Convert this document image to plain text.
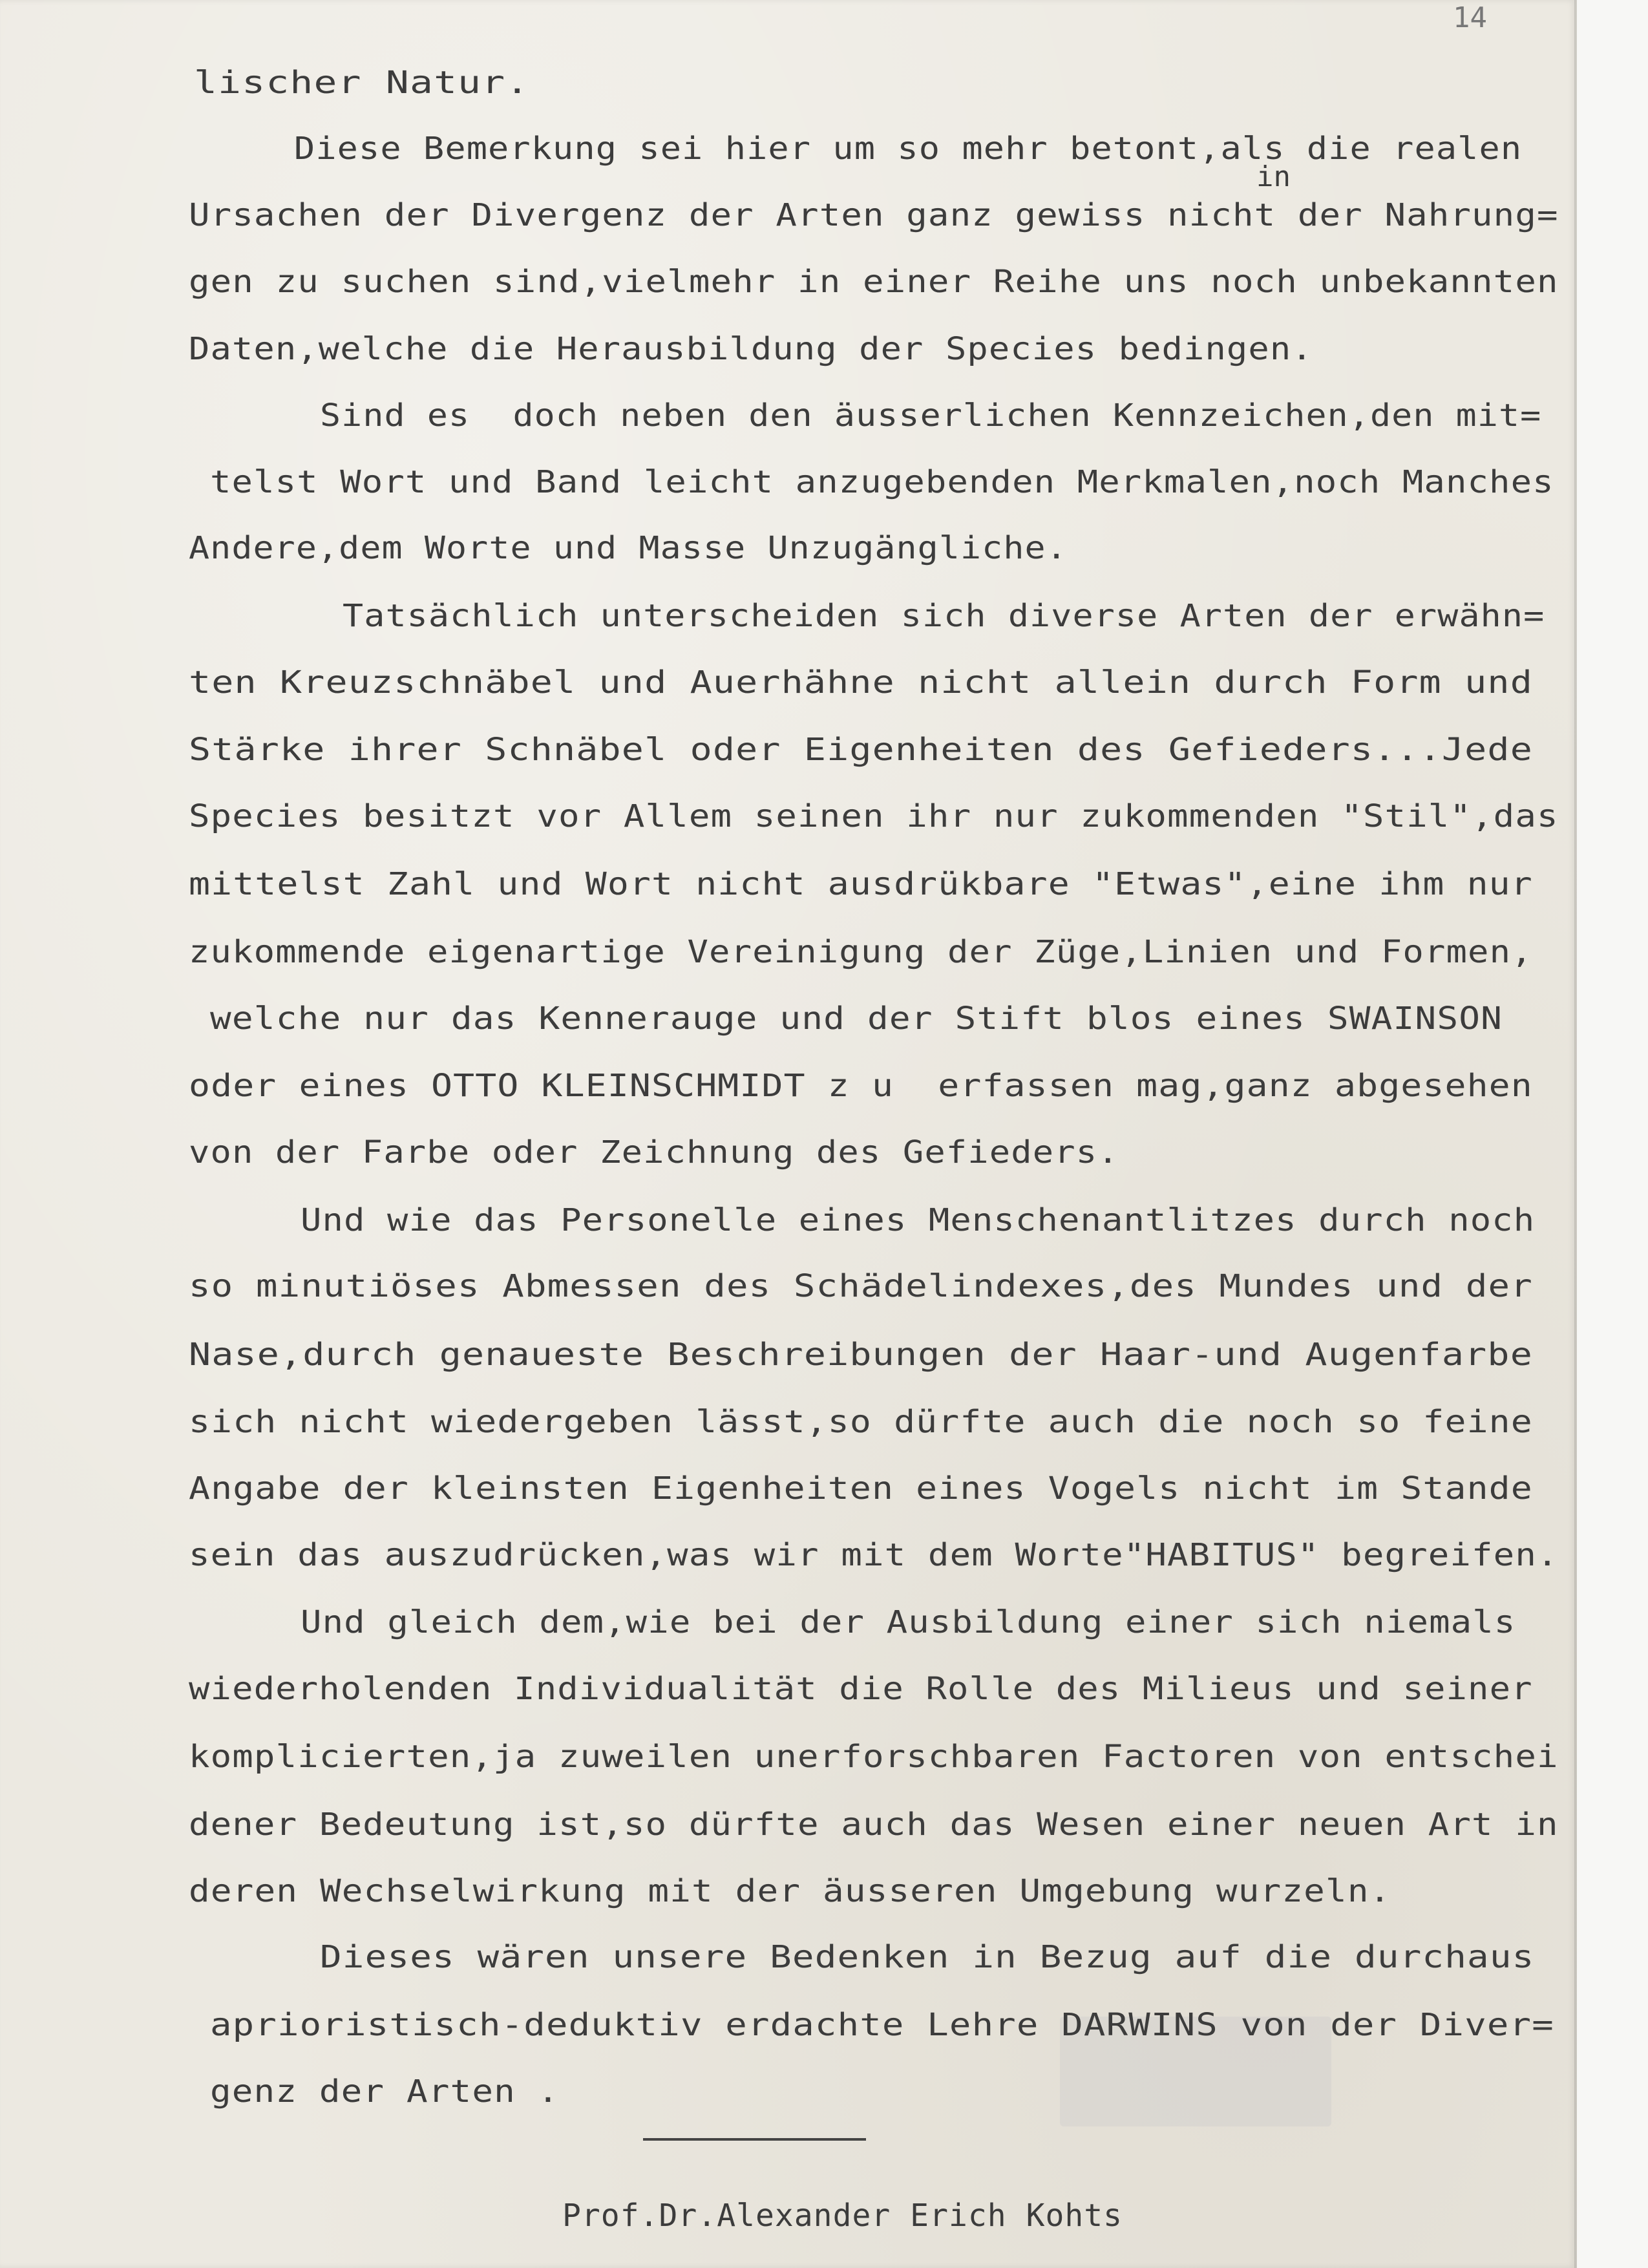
14
in
lischer Natur.
Diese Bemerkung sei hier um so mehr betont,als die realen
Ursachen der Divergenz der Arten ganz gewiss nicht der Nahrung=
gen zu suchen sind,vielmehr in einer Reihe uns noch unbekannten
Daten,welche die Herausbildung der Species bedingen.
Sind es  doch neben den äusserlichen Kennzeichen,den mit=
telst Wort und Band leicht anzugebenden Merkmalen,noch Manches
Andere,dem Worte und Masse Unzugängliche.
Tatsächlich unterscheiden sich diverse Arten der erwähn=
ten Kreuzschnäbel und Auerhähne nicht allein durch Form und
Stärke ihrer Schnäbel oder Eigenheiten des Gefieders...Jede
Species besitzt vor Allem seinen ihr nur zukommenden "Stil",das
mittelst Zahl und Wort nicht ausdrükbare "Etwas",eine ihm nur
zukommende eigenartige Vereinigung der Züge,Linien und Formen,
welche nur das Kennerauge und der Stift blos eines SWAINSON
oder eines OTTO KLEINSCHMIDT z u  erfassen mag,ganz abgesehen
von der Farbe oder Zeichnung des Gefieders.
Und wie das Personelle eines Menschenantlitzes durch noch
so minutiöses Abmessen des Schädelindexes,des Mundes und der
Nase,durch genaueste Beschreibungen der Haar-und Augenfarbe
sich nicht wiedergeben lässt,so dürfte auch die noch so feine
Angabe der kleinsten Eigenheiten eines Vogels nicht im Stande
sein das auszudrücken,was wir mit dem Worte"HABITUS" begreifen.
Und gleich dem,wie bei der Ausbildung einer sich niemals
wiederholenden Individualität die Rolle des Milieus und seiner
komplicierten,ja zuweilen unerforschbaren Factoren von entschei
dener Bedeutung ist,so dürfte auch das Wesen einer neuen Art in
deren Wechselwirkung mit der äusseren Umgebung wurzeln.
Dieses wären unsere Bedenken in Bezug auf die durchaus
aprioristisch-deduktiv erdachte Lehre DARWINS von der Diver=
genz der Arten .
Prof.Dr.Alexander Erich Kohts
